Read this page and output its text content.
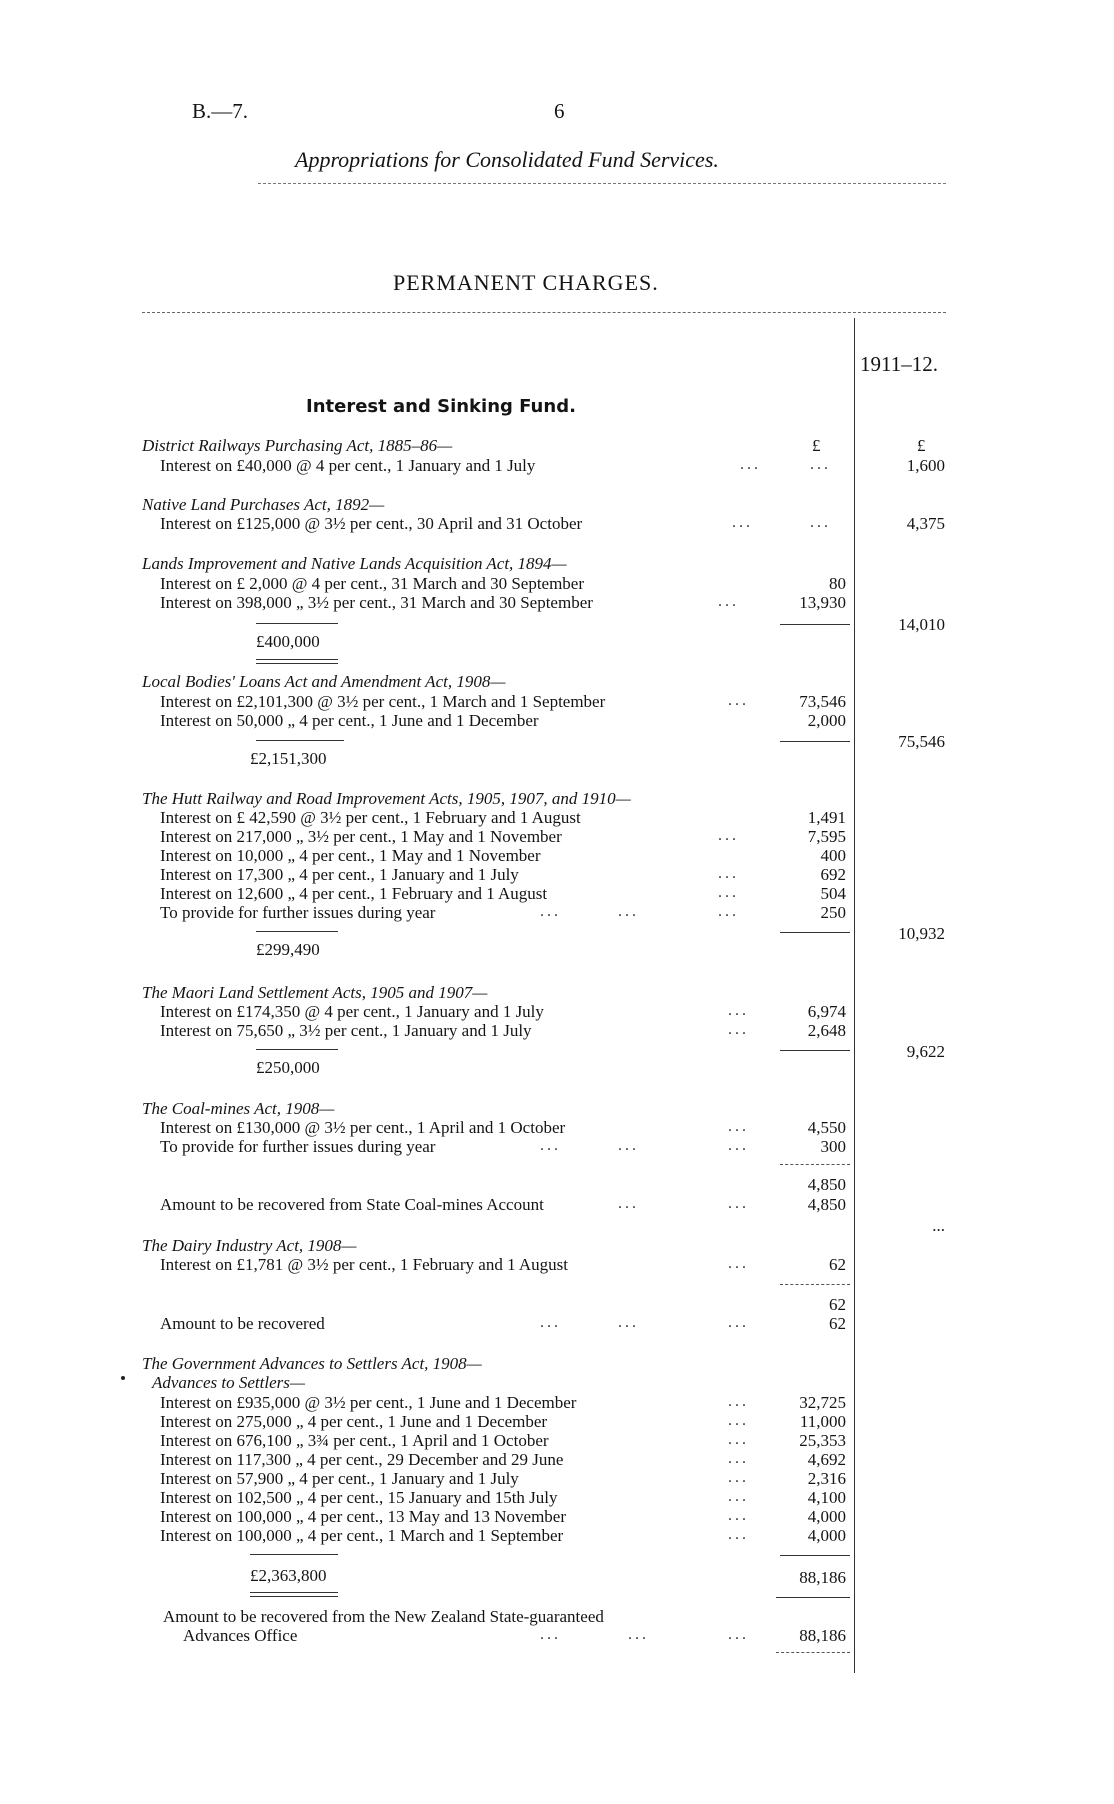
B.—7.	6
Appropriations for Consolidated Fund Services.
PERMANENT CHARGES.
1911–12.
Interest and Sinking Fund.
£	£
District Railways Purchasing Act, 1885–86—
Interest on £40,000 @ 4 per cent., 1 January and 1 July	...	...	1,600
Native Land Purchases Act, 1892—
Interest on £125,000 @ 3½ per cent., 30 April and 31 October	...	...	4,375
Lands Improvement and Native Lands Acquisition Act, 1894—
Interest on £ 2,000 @ 4 per cent., 31 March and 30 September	80
Interest on 398,000 „ 3½ per cent., 31 March and 30 September	...	13,930
£400,000
14,010
Local Bodies' Loans Act and Amendment Act, 1908—
Interest on £2,101,300 @ 3½ per cent., 1 March and 1 September	...	73,546
Interest on 50,000 „ 4 per cent., 1 June and 1 December	2,000
£2,151,300
75,546
The Hutt Railway and Road Improvement Acts, 1905, 1907, and 1910—
Interest on £ 42,590 @ 3½ per cent., 1 February and 1 August	1,491
Interest on 217,000 „ 3½ per cent., 1 May and 1 November	...	7,595
Interest on 10,000 „ 4 per cent., 1 May and 1 November	400
Interest on 17,300 „ 4 per cent., 1 January and 1 July	...	692
Interest on 12,600 „ 4 per cent., 1 February and 1 August	...	504
To provide for further issues during year	...	...	...	250
£299,490
10,932
The Maori Land Settlement Acts, 1905 and 1907—
Interest on £174,350 @ 4 per cent., 1 January and 1 July	...	6,974
Interest on 75,650 „ 3½ per cent., 1 January and 1 July	...	2,648
£250,000
9,622
The Coal-mines Act, 1908—
Interest on £130,000 @ 3½ per cent., 1 April and 1 October	...	4,550
To provide for further issues during year	...	...	...	300
4,850
Amount to be recovered from State Coal-mines Account	...	...	4,850
...
The Dairy Industry Act, 1908—
Interest on £1,781 @ 3½ per cent., 1 February and 1 August	...	62
62
Amount to be recovered	...	...	...	62
The Government Advances to Settlers Act, 1908—
Advances to Settlers—
Interest on £935,000 @ 3½ per cent., 1 June and 1 December	...	32,725
Interest on 275,000 „ 4 per cent., 1 June and 1 December	...	11,000
Interest on 676,100 „ 3¾ per cent., 1 April and 1 October	...	25,353
Interest on 117,300 „ 4 per cent., 29 December and 29 June	...	4,692
Interest on 57,900 „ 4 per cent., 1 January and 1 July	...	2,316
Interest on 102,500 „ 4 per cent., 15 January and 15th July	...	4,100
Interest on 100,000 „ 4 per cent., 13 May and 13 November	...	4,000
Interest on 100,000 „ 4 per cent., 1 March and 1 September	...	4,000
£2,363,800	88,186
Amount to be recovered from the New Zealand State-guaranteed
Advances Office	...	...	...	88,186
